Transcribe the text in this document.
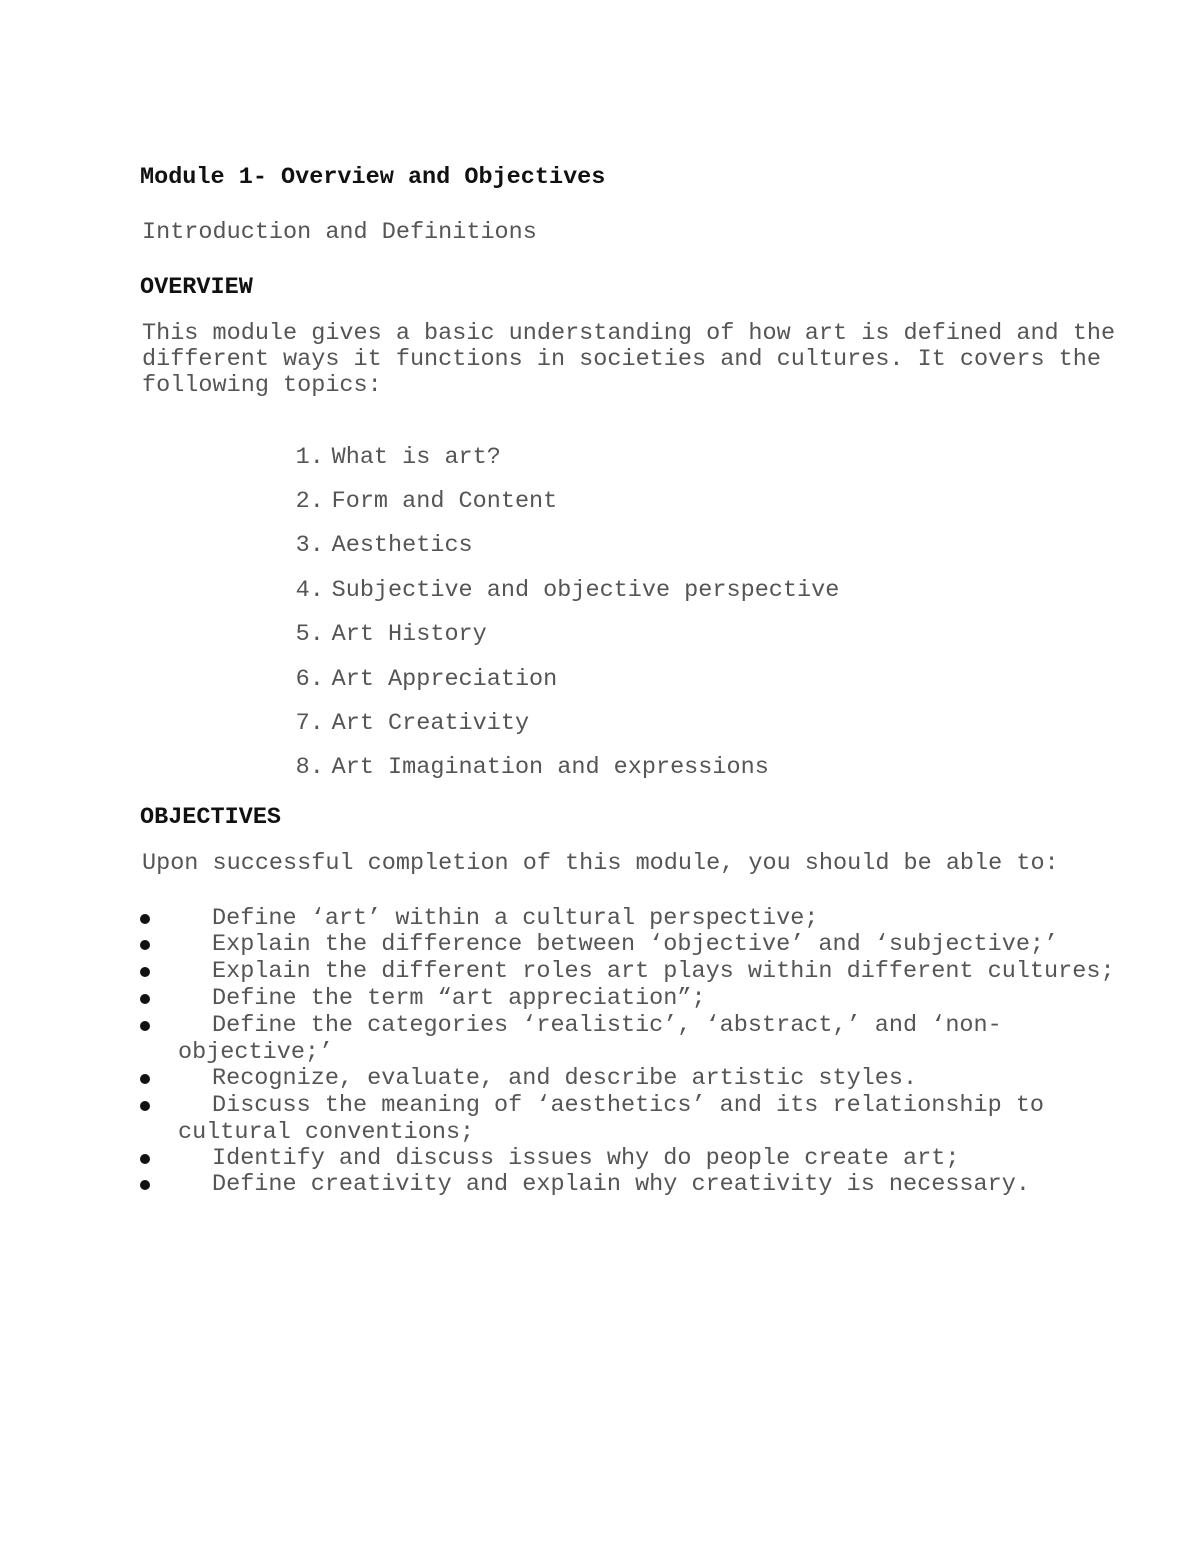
Module 1- Overview and Objectives
Introduction and Definitions
OVERVIEW
This module gives a basic understanding of how art is defined and the different ways it functions in societies and cultures. It covers the following topics:

1. What is art?

2. Form and Content

3. Aesthetics

4. Subjective and objective perspective

5. Art History

6. Art Appreciation

7. Art Creativity

8. Art Imagination and expressions

OBJECTIVES
Upon successful completion of this module, you should be able to:

Define ‘art’ within a cultural perspective;

Explain the difference between ‘objective’ and ‘subjective;’

Explain the different roles art plays within different cultures;

Define the term “art appreciation”;

Define the categories ‘realistic’, ‘abstract,’ and ‘non-

objective;’

Recognize, evaluate, and describe artistic styles.

Discuss the meaning of ‘aesthetics’ and its relationship to

cultural conventions;

Identify and discuss issues why do people create art;

Define creativity and explain why creativity is necessary.
